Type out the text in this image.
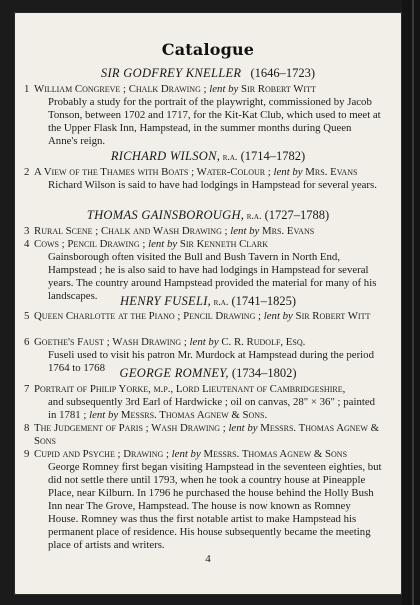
Catalogue
SIR GODFREY KNELLER (1646–1723)
1 William Congreve ; Chalk Drawing ; lent by Sir Robert Witt
Probably a study for the portrait of the playwright, commissioned by Jacob Tonson, between 1702 and 1717, for the Kit-Kat Club, which used to meet at the Upper Flask Inn, Hampstead, in the summer months during Queen Anne's reign.
RICHARD WILSON, r.a. (1714–1782)
2 A View of the Thames with Boats ; Water-Colour ; lent by Mrs. Evans
Richard Wilson is said to have had lodgings in Hampstead for several years.
THOMAS GAINSBOROUGH, r.a. (1727–1788)
3 Rural Scene ; Chalk and Wash Drawing ; lent by Mrs. Evans
4 Cows ; Pencil Drawing ; lent by Sir Kenneth Clark
Gainsborough often visited the Bull and Bush Tavern in North End, Hampstead ; he is also said to have had lodgings in Hampstead for several years. The country around Hampstead provided the material for many of his landscapes.	HENRY FUSELI, r.a. (1741–1825)
5 Queen Charlotte at the Piano ; Pencil Drawing ; lent by Sir Robert Witt
6 Goethe's Faust ; Wash Drawing ; lent by C. R. Rudolf, Esq.
Fuseli used to visit his patron Mr. Murdock at Hampstead during the period 1764 to 1768	GEORGE ROMNEY, (1734–1802)
7 Portrait of Philip Yorke, m.p., Lord Lieutenant of Cambridgeshire,
and subsequently 3rd Earl of Hardwicke ; oil on canvas, 28" × 36" ; painted in 1781 ; lent by Messrs. Thomas Agnew & Sons.
8 The Judgement of Paris ; Wash Drawing ; lent by Messrs. Thomas Agnew & Sons
9 Cupid and Psyche ; Drawing ; lent by Messrs. Thomas Agnew & Sons
George Romney first began visiting Hampstead in the seventeen eighties, but did not settle there until 1793, when he took a country house at Pineapple Place, near Kilburn. In 1796 he purchased the house behind the Holly Bush Inn near The Grove, Hampstead. The house is now known as Romney House. Romney was thus the first notable artist to make Hampstead his permanent place of residence. His house subsequently became the meeting place of artists and writers.
4
